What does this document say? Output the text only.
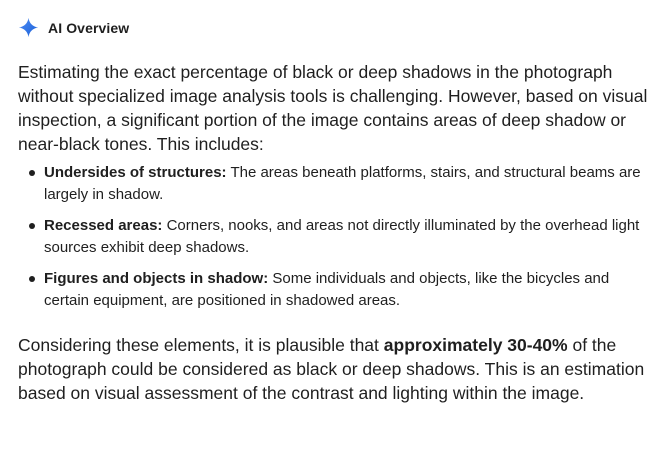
AI Overview

Estimating the exact percentage of black or deep shadows in the photograph without specialized image analysis tools is challenging. However, based on visual inspection, a significant portion of the image contains areas of deep shadow or near-black tones. This includes:

Undersides of structures: The areas beneath platforms, stairs, and structural beams are largely in shadow.
Recessed areas: Corners, nooks, and areas not directly illuminated by the overhead light sources exhibit deep shadows.
Figures and objects in shadow: Some individuals and objects, like the bicycles and certain equipment, are positioned in shadowed areas.

Considering these elements, it is plausible that approximately 30-40% of the photograph could be considered as black or deep shadows. This is an estimation based on visual assessment of the contrast and lighting within the image.
